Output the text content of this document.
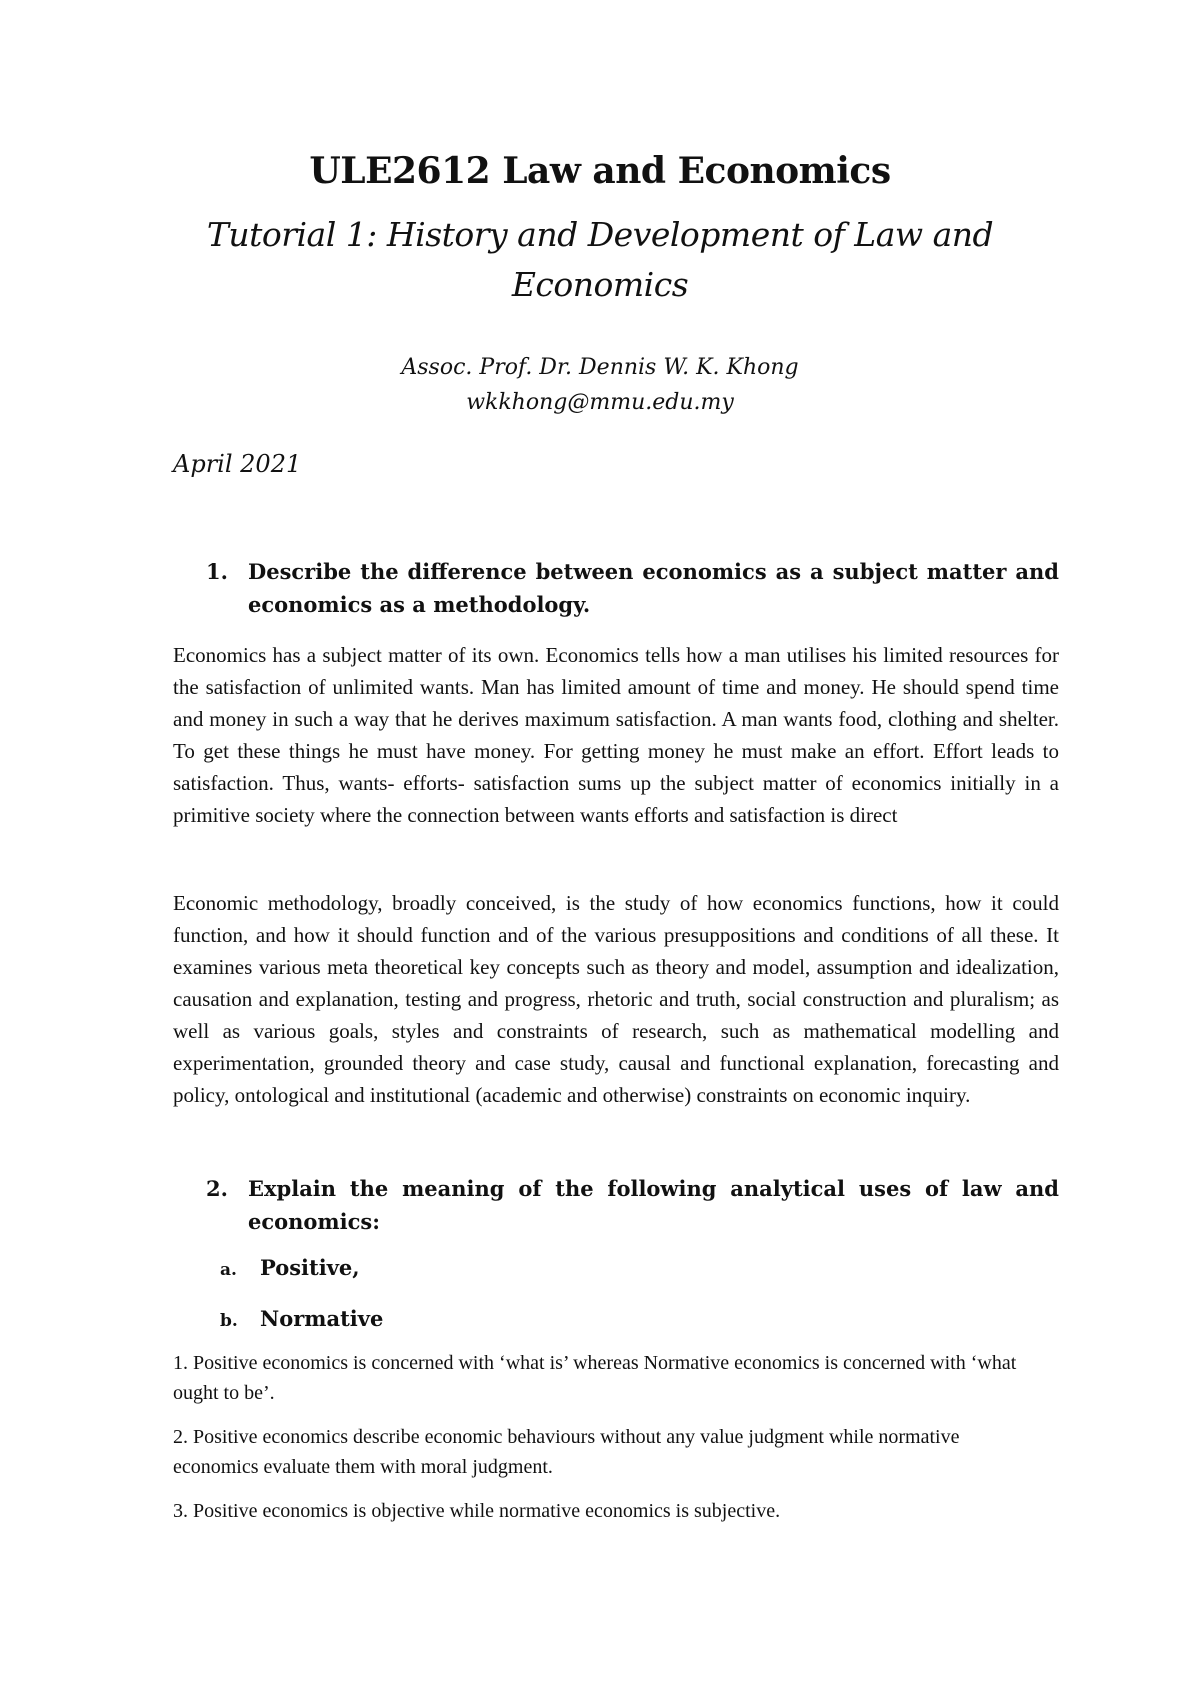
ULE2612 Law and Economics
Tutorial 1: History and Development of Law and Economics
Assoc. Prof. Dr. Dennis W. K. Khong
wkkhong@mmu.edu.my
April 2021
1. Describe the difference between economics as a subject matter and economics as a methodology.
Economics has a subject matter of its own. Economics tells how a man utilises his limited resources for the satisfaction of unlimited wants. Man has limited amount of time and money. He should spend time and money in such a way that he derives maximum satisfaction. A man wants food, clothing and shelter. To get these things he must have money. For getting money he must make an effort. Effort leads to satisfaction. Thus, wants- efforts- satisfaction sums up the subject matter of economics initially in a primitive society where the connection between wants efforts and satisfaction is direct
Economic methodology, broadly conceived, is the study of how economics functions, how it could function, and how it should function and of the various presuppositions and conditions of all these. It examines various meta theoretical key concepts such as theory and model, assumption and idealization, causation and explanation, testing and progress, rhetoric and truth, social construction and pluralism; as well as various goals, styles and constraints of research, such as mathematical modelling and experimentation, grounded theory and case study, causal and functional explanation, forecasting and policy, ontological and institutional (academic and otherwise) constraints on economic inquiry.
2. Explain the meaning of the following analytical uses of law and economics:
a. Positive,
b. Normative
1. Positive economics is concerned with ‘what is’ whereas Normative economics is concerned with ‘what ought to be’.
2. Positive economics describe economic behaviours without any value judgment while normative economics evaluate them with moral judgment.
3. Positive economics is objective while normative economics is subjective.
